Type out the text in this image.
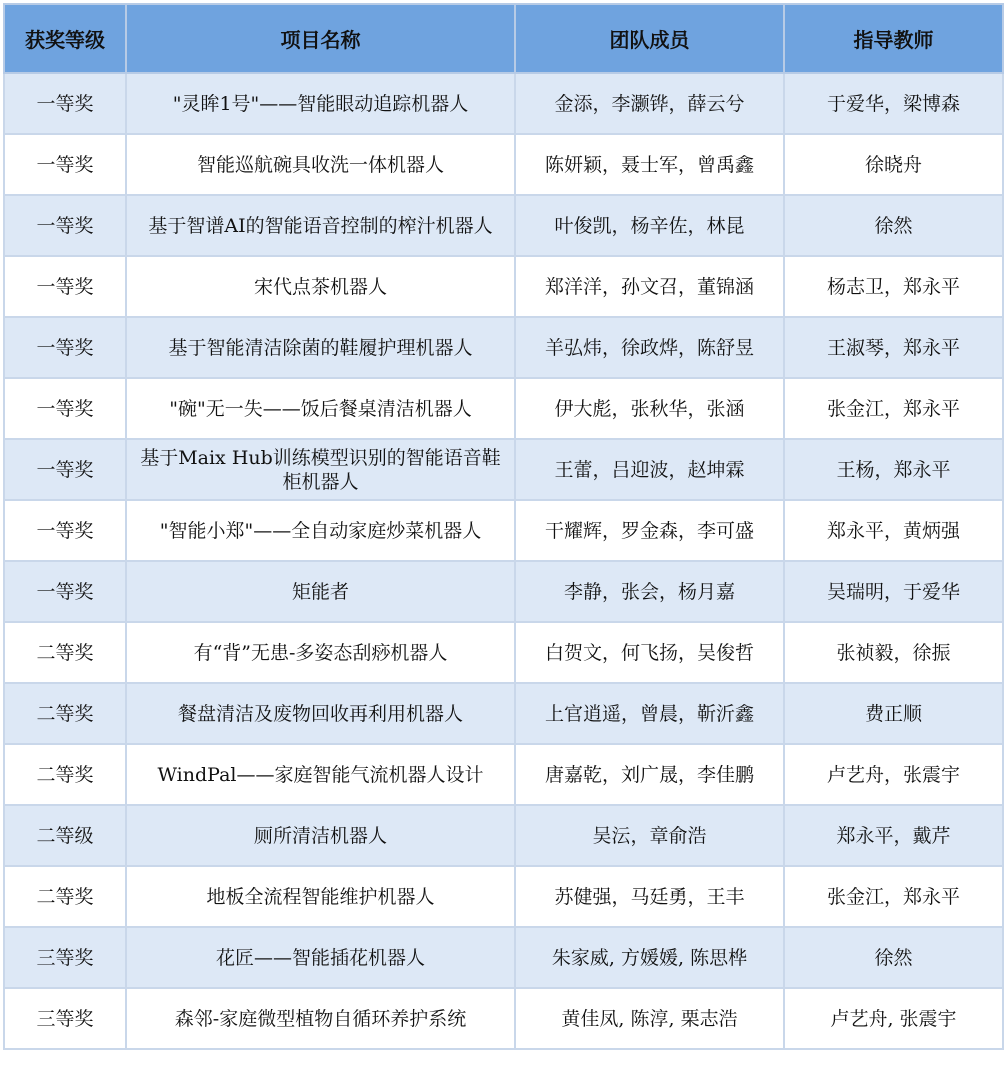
获奖等级	项目名称	团队成员	指导教师
一等奖	"灵眸1号"——智能眼动追踪机器人	金添，李灏铧，薛云兮	于爱华，梁博森
一等奖	智能巡航碗具收洗一体机器人	陈妍颖，聂士军，曾禹鑫	徐晓舟
一等奖	基于智谱AI的智能语音控制的榨汁机器人	叶俊凯，杨辛佐，林昆	徐然
一等奖	宋代点茶机器人	郑洋洋，孙文召，董锦涵	杨志卫，郑永平
一等奖	基于智能清洁除菌的鞋履护理机器人	羊弘炜，徐政烨，陈舒昱	王淑琴，郑永平
一等奖	"碗"无一失——饭后餐桌清洁机器人	伊大彪，张秋华，张涵	张金江，郑永平
一等奖	基于Maix Hub训练模型识别的智能语音鞋柜机器人	王蕾，吕迎波，赵坤霖	王杨，郑永平
一等奖	"智能小郑"——全自动家庭炒菜机器人	干耀辉，罗金森，李可盛	郑永平，黄炳强
一等奖	矩能者	李静，张会，杨月嘉	吴瑞明，于爱华
二等奖	有“背”无患-多姿态刮痧机器人	白贺文，何飞扬，吴俊哲	张祯毅，徐振
二等奖	餐盘清洁及废物回收再利用机器人	上官逍遥，曾晨，靳沂鑫	费正顺
二等奖	WindPal——家庭智能气流机器人设计	唐嘉乾，刘广晟，李佳鹏	卢艺舟，张震宇
二等级	厕所清洁机器人	吴沄，章俞浩	郑永平，戴芹
二等奖	地板全流程智能维护机器人	苏健强，马廷勇，王丰	张金江，郑永平
三等奖	花匠——智能插花机器人	朱家威, 方媛媛, 陈思桦	徐然
三等奖	森邻-家庭微型植物自循环养护系统	黄佳凤, 陈淳, 栗志浩	卢艺舟, 张震宇
